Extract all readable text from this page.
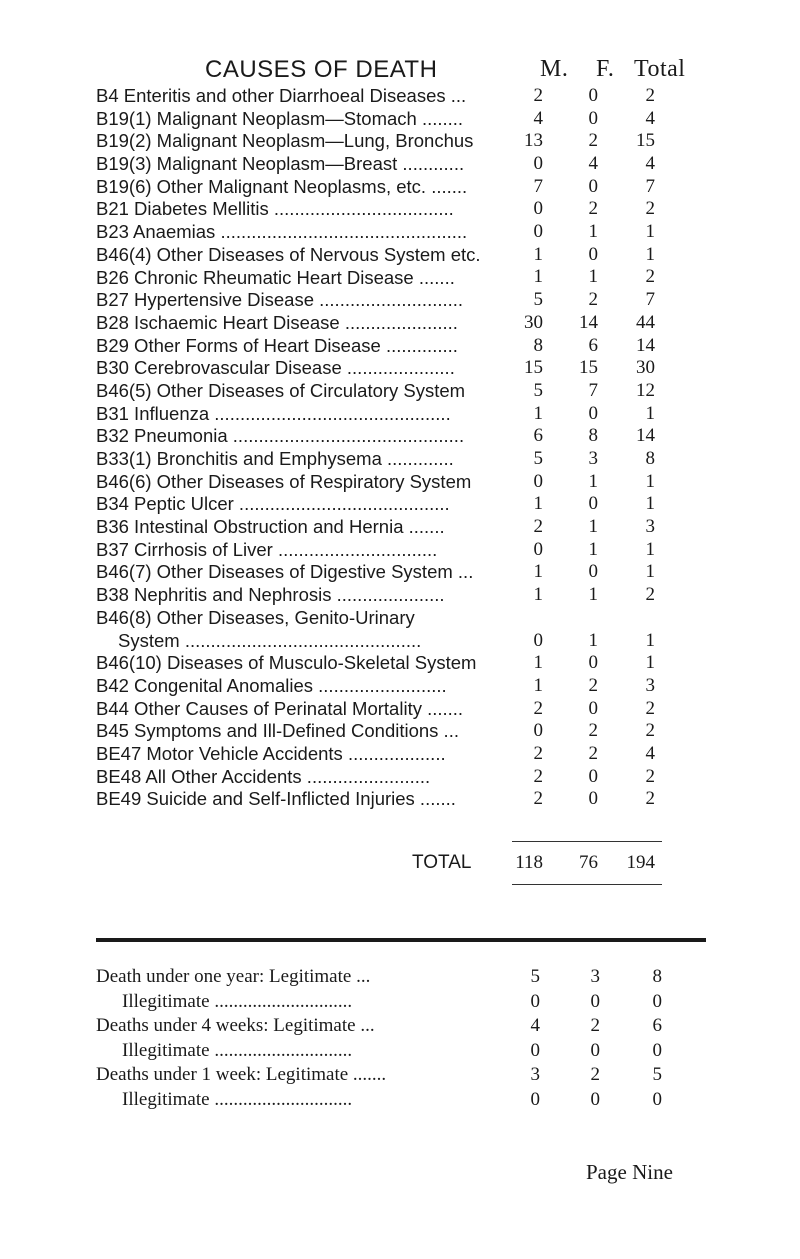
CAUSES OF DEATH	M. F. Total
B4 Enteritis and other Diarrhoeal Diseases ...	2	0	2
B19(1) Malignant Neoplasm—Stomach ........	4	0	4
B19(2) Malignant Neoplasm—Lung, Bronchus	13	2	15
B19(3) Malignant Neoplasm—Breast ............	0	4	4
B19(6) Other Malignant Neoplasms, etc. .......	7	0	7
B21 Diabetes Mellitis ...................................	0	2	2
B23 Anaemias ................................................	0	1	1
B46(4) Other Diseases of Nervous System etc.	1	0	1
B26 Chronic Rheumatic Heart Disease .......	1	1	2
B27 Hypertensive Disease ............................	5	2	7
B28 Ischaemic Heart Disease ......................	30	14	44
B29 Other Forms of Heart Disease ..............	8	6	14
B30 Cerebrovascular Disease .....................	15	15	30
B46(5) Other Diseases of Circulatory System	5	7	12
B31 Influenza ..............................................	1	0	1
B32 Pneumonia .............................................	6	8	14
B33(1) Bronchitis and Emphysema .............	5	3	8
B46(6) Other Diseases of Respiratory System	0	1	1
B34 Peptic Ulcer .........................................	1	0	1
B36 Intestinal Obstruction and Hernia .......	2	1	3
B37 Cirrhosis of Liver ...............................	0	1	1
B46(7) Other Diseases of Digestive System ...	1	0	1
B38 Nephritis and Nephrosis .....................	1	1	2
B46(8) Other Diseases, Genito-Urinary
System ..............................................	0	1	1
B46(10) Diseases of Musculo-Skeletal System	1	0	1
B42 Congenital Anomalies .........................	1	2	3
B44 Other Causes of Perinatal Mortality .......	2	0	2
B45 Symptoms and Ill-Defined Conditions ...	0	2	2
BE47 Motor Vehicle Accidents ...................	2	2	4
BE48 All Other Accidents ........................	2	0	2
BE49 Suicide and Self-Inflicted Injuries .......	2	0	2
TOTAL	118	76	194
Death under one year: Legitimate ...	5	3	8
Illegitimate .............................	0	0	0
Deaths under 4 weeks: Legitimate ...	4	2	6
Illegitimate .............................	0	0	0
Deaths under 1 week: Legitimate .......	3	2	5
Illegitimate .............................	0	0	0
Page Nine
